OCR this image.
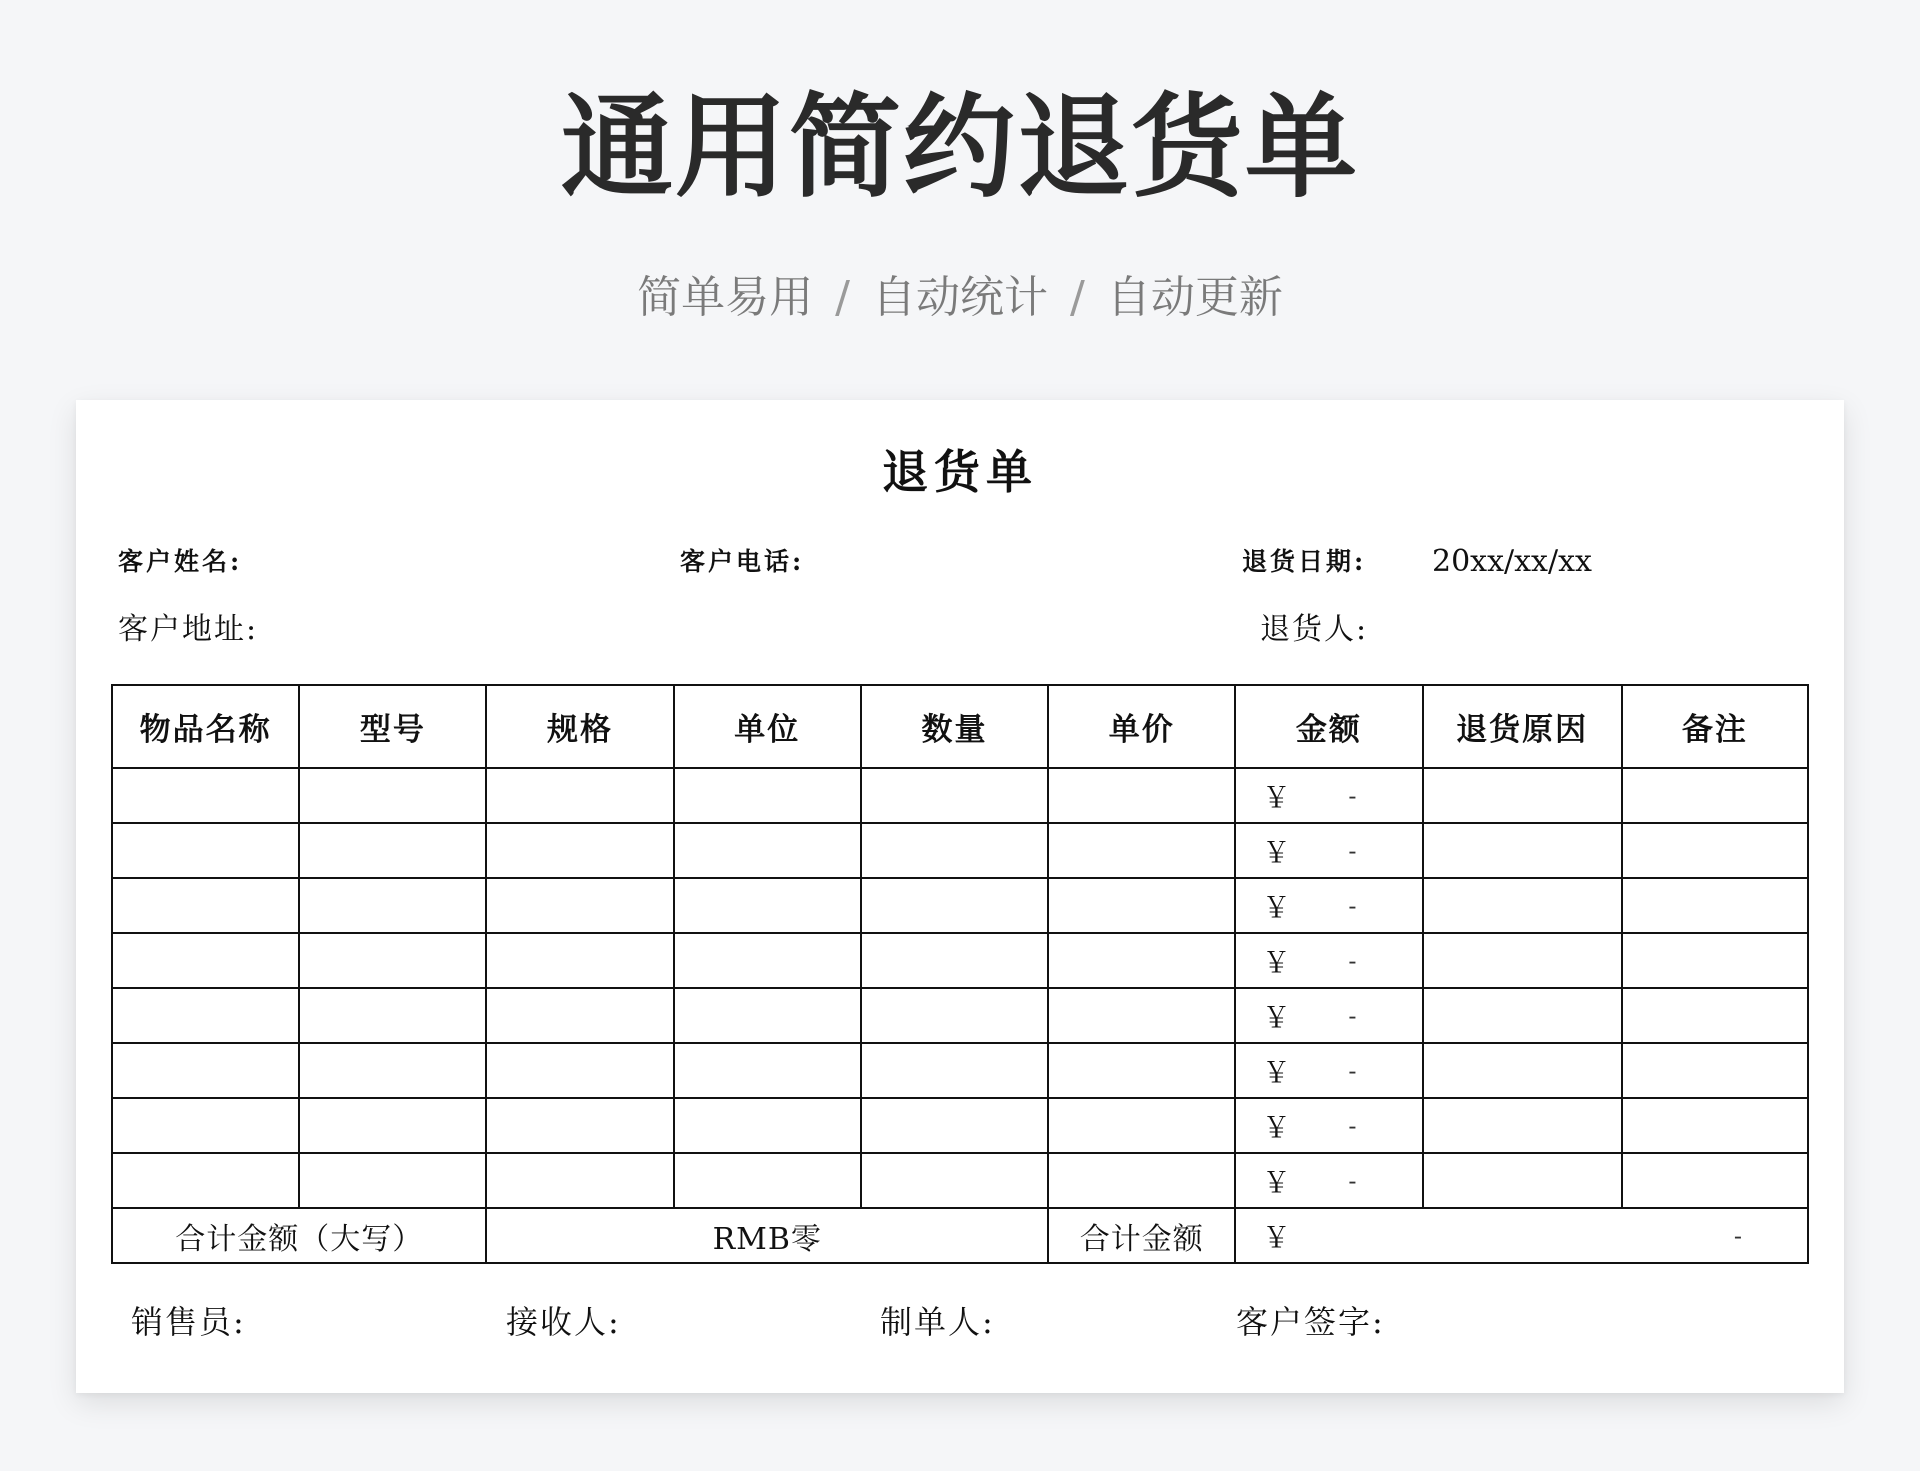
通用简约退货单
简单易用 / 自动统计 / 自动更新
退货单
客户姓名:	客户电话:	退货日期: 20xx/xx/xx
客户地址:	退货人:
物品名称	型号	规格	单位	数量	单价	金额	退货原因	备注

						￥ -		

						￥ -		

						￥ -		

						￥ -		

						￥ -		

						￥ -		

						￥ -		

						￥ -		

合计金额（大写）		RMB零			合计金额	￥ -		
销售员:	接收人:	制单人:	客户签字:
